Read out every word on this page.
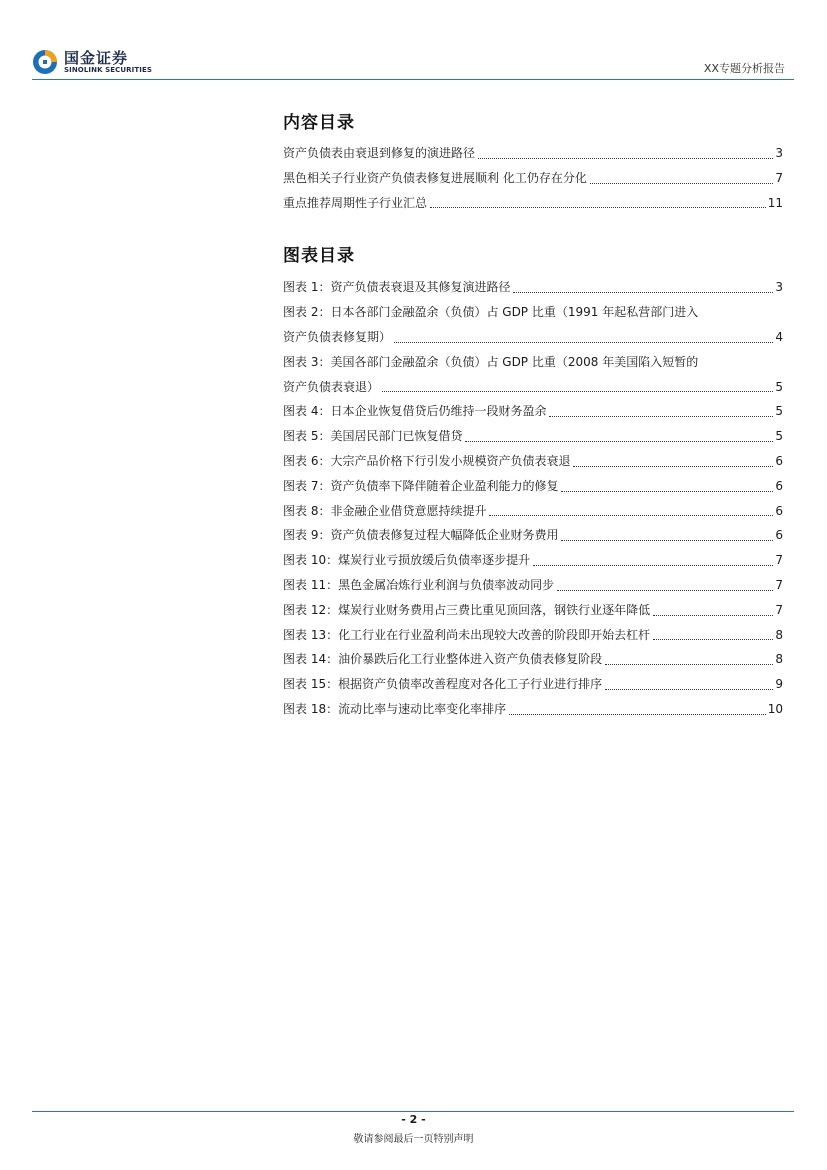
国金证券
SINOLINK SECURITIES	XX专题分析报告
内容目录
资产负债表由衰退到修复的演进路径	3
黑色相关子行业资产负债表修复进展顺利 化工仍存在分化	7
重点推荐周期性子行业汇总	11
图表目录
图表 1：资产负债表衰退及其修复演进路径	3
图表 2：日本各部门金融盈余（负债）占 GDP 比重（1991 年起私营部门进入
资产负债表修复期）	4
图表 3：美国各部门金融盈余（负债）占 GDP 比重（2008 年美国陷入短暂的
资产负债表衰退）	5
图表 4：日本企业恢复借贷后仍维持一段财务盈余	5
图表 5：美国居民部门已恢复借贷	5
图表 6：大宗产品价格下行引发小规模资产负债表衰退	6
图表 7：资产负债率下降伴随着企业盈利能力的修复	6
图表 8：非金融企业借贷意愿持续提升	6
图表 9：资产负债表修复过程大幅降低企业财务费用	6
图表 10：煤炭行业亏损放缓后负债率逐步提升	7
图表 11：黑色金属冶炼行业利润与负债率波动同步	7
图表 12：煤炭行业财务费用占三费比重见顶回落，钢铁行业逐年降低	7
图表 13：化工行业在行业盈利尚未出现较大改善的阶段即开始去杠杆	8
图表 14：油价暴跌后化工行业整体进入资产负债表修复阶段	8
图表 15：根据资产负债率改善程度对各化工子行业进行排序	9
图表 18：流动比率与速动比率变化率排序	10
- 2 -
敬请参阅最后一页特别声明
